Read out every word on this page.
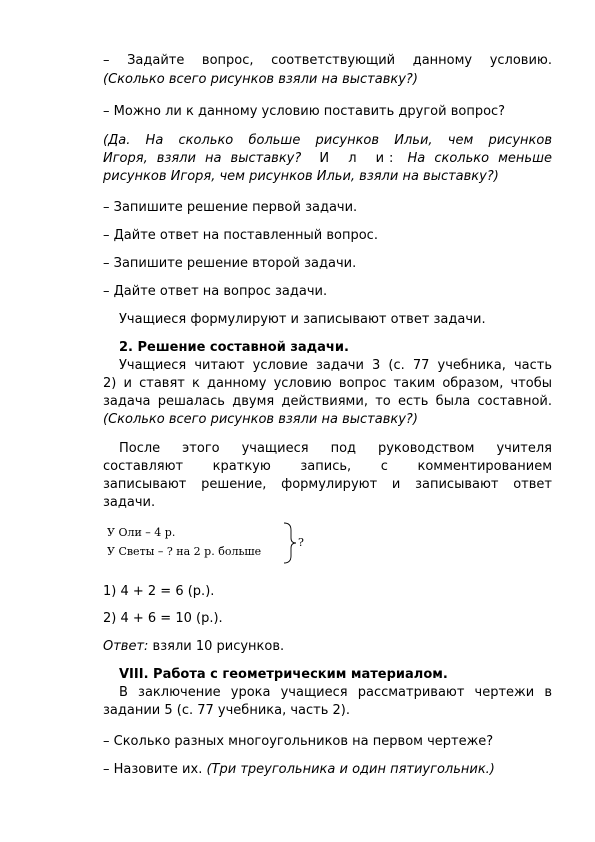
– Задайте вопрос, соответствующий данному условию.

(Сколько всего рисунков взяли на выставку?)

– Можно ли к данному условию поставить другой вопрос?

(Да. На сколько больше рисунков Ильи, чем рисунков

Игоря, взяли на выставку? И л и: На сколько меньше

рисунков Игоря, чем рисунков Ильи, взяли на выставку?)

– Запишите решение первой задачи.

– Дайте ответ на поставленный вопрос.

– Запишите решение второй задачи.

– Дайте ответ на вопрос задачи.

Учащиеся формулируют и записывают ответ задачи.

2. Решение составной задачи.

Учащиеся читают условие задачи 3 (с. 77 учебника, часть

2) и ставят к данному условию вопрос таким образом, чтобы

задача решалась двумя действиями, то есть была составной.

(Сколько всего рисунков взяли на выставку?)

После этого учащиеся под руководством учителя

составляют краткую запись, с комментированием

записывают решение, формулируют и записывают ответ

задачи.

У Оли – 4 р.
У Светы – ? на 2 р. больше
?

1) 4 + 2 = 6 (р.).

2) 4 + 6 = 10 (р.).

Ответ: взяли 10 рисунков.

VIII. Работа с геометрическим материалом.

В заключение урока учащиеся рассматривают чертежи в

задании 5 (с. 77 учебника, часть 2).

– Сколько разных многоугольников на первом чертеже?

– Назовите их. (Три треугольника и один пятиугольник.)
